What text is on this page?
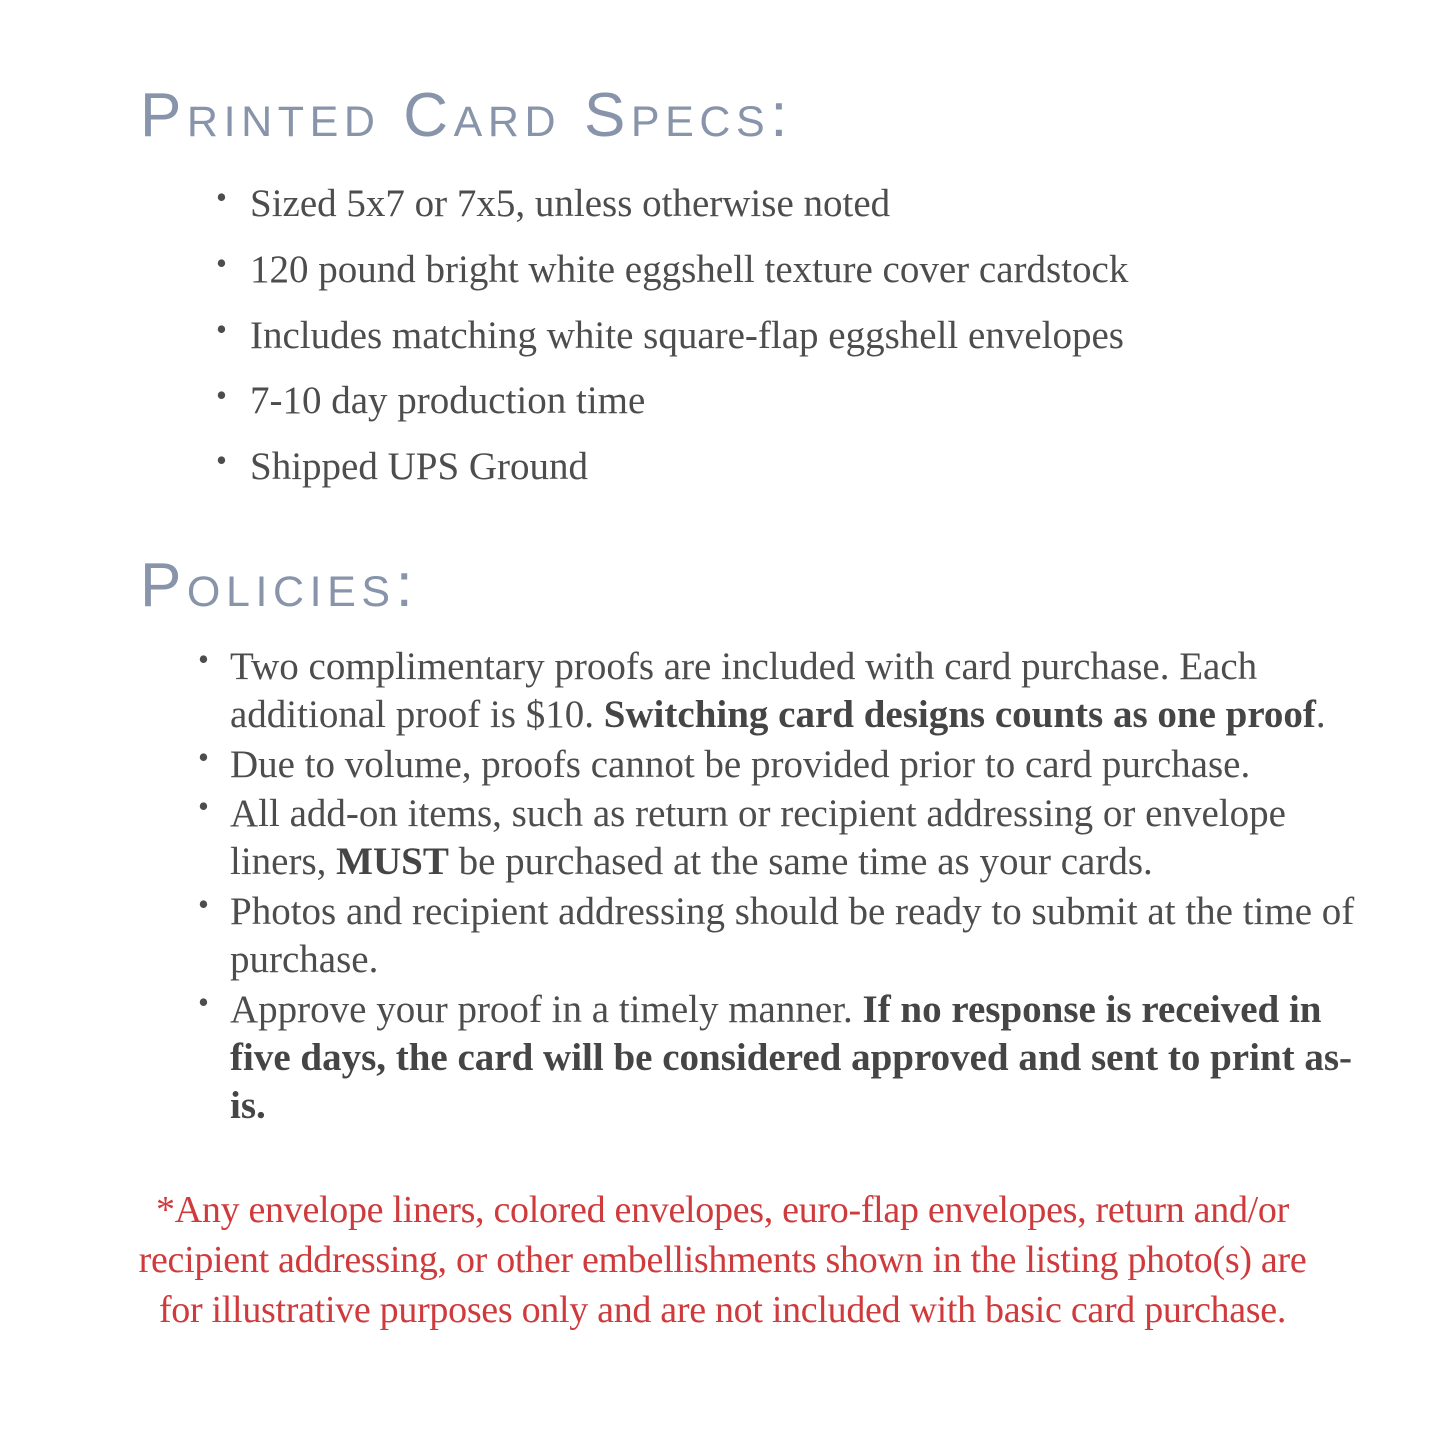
Printed Card Specs:
• Sized 5x7 or 7x5, unless otherwise noted
• 120 pound bright white eggshell texture cover cardstock
• Includes matching white square-flap eggshell envelopes
• 7-10 day production time
• Shipped UPS Ground
Policies:
• Two complimentary proofs are included with card purchase. Each additional proof is $10. Switching card designs counts as one proof.
• Due to volume, proofs cannot be provided prior to card purchase.
• All add-on items, such as return or recipient addressing or envelope liners, MUST be purchased at the same time as your cards.
• Photos and recipient addressing should be ready to submit at the time of purchase.
• Approve your proof in a timely manner. If no response is received in five days, the card will be considered approved and sent to print as-is.

*Any envelope liners, colored envelopes, euro-flap envelopes, return and/or recipient addressing, or other embellishments shown in the listing photo(s) are for illustrative purposes only and are not included with basic card purchase.
